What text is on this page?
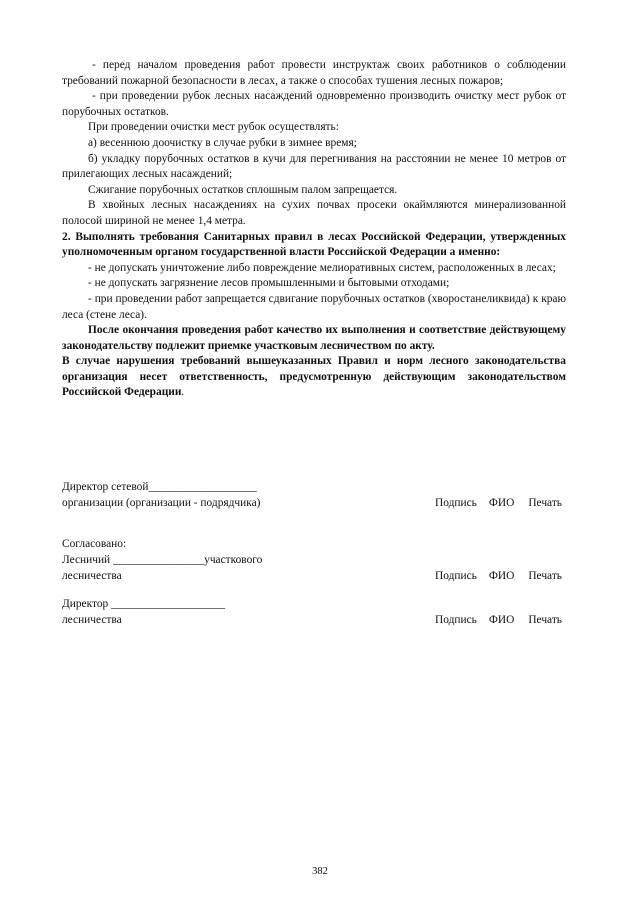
- перед началом проведения работ провести инструктаж своих работников о соблюдении требований пожарной безопасности в лесах, а также о способах тушения лесных пожаров;

- при проведении рубок лесных насаждений одновременно производить очистку мест рубок от порубочных остатков.

При проведении очистки мест рубок осуществлять:

а) весеннюю доочистку в случае рубки в зимнее время;

б) укладку порубочных остатков в кучи для перегнивания на расстоянии не менее 10 метров от прилегающих лесных насаждений;

Сжигание порубочных остатков сплошным палом запрещается.

В хвойных лесных насаждениях на сухих почвах просеки окаймляются минерализованной полосой шириной не менее 1,4 метра.

2. Выполнять требования Санитарных правил в лесах Российской Федерации, утвержденных уполномоченным органом государственной власти Российской Федерации а именно:

- не допускать уничтожение либо повреждение мелиоративных систем, расположенных в лесах;

- не допускать загрязнение лесов промышленными и бытовыми отходами;

- при проведении работ запрещается сдвигание порубочных остатков (хворостанеликвида) к краю леса (стене леса).

После окончания проведения работ качество их выполнения и соответствие действующему законодательству подлежит приемке участковым лесничеством по акту.

В случае нарушения требований вышеуказанных Правил и норм лесного законодательства организация несет ответственность, предусмотренную действующим законодательством Российской Федерации.

Директор сетевой___________________
организации (организации - подрядчика)	Подпись ФИО Печать
Согласовано:
Лесничий ________________участкового
лесничества	Подпись ФИО Печать
Директор ____________________
лесничества	Подпись ФИО Печать
382
